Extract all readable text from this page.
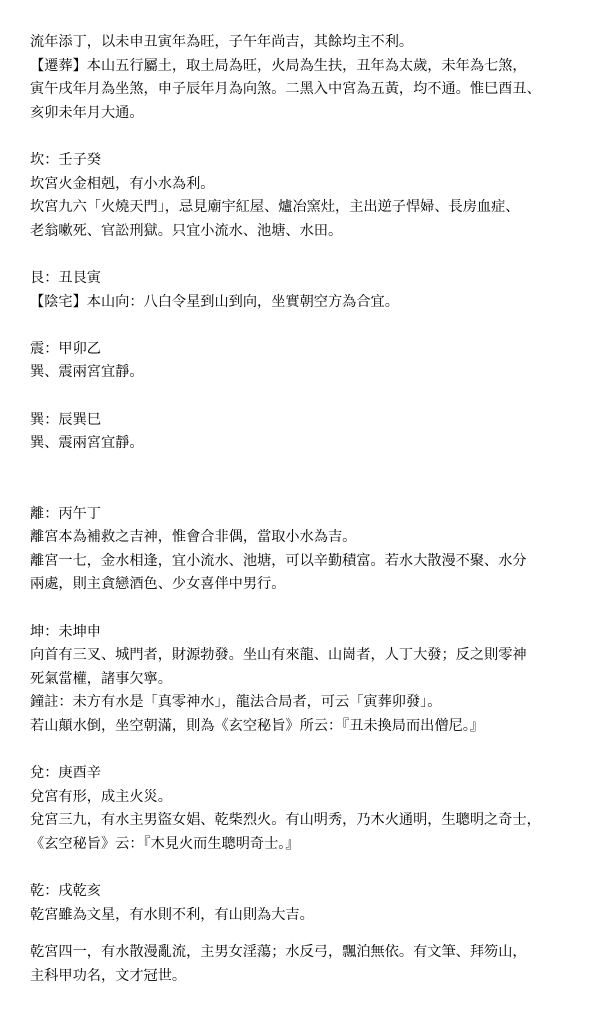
流年添丁，以未申丑寅年為旺，子午年尚吉，其餘均主不利。
【遷葬】本山五行屬土，取土局為旺，火局為生扶，丑年為太歲，未年為七煞，
寅午戌年月為坐煞，申子辰年月為向煞。二黑入中宮為五黃，均不通。惟巳酉丑、
亥卯未年月大通。
坎：壬子癸
坎宮火金相剋，有小水為利。
坎宮九六「火燒天門」，忌見廟宇紅屋、爐冶窯灶，主出逆子悍婦、長房血症、
老翁嗽死、官訟刑獄。只宜小流水、池塘、水田。
艮：丑艮寅
【陰宅】本山向：八白令星到山到向，坐實朝空方為合宜。
震：甲卯乙
巽、震兩宮宜靜。
巽：辰巽巳
巽、震兩宮宜靜。
離：丙午丁
離宮本為補救之吉神，惟會合非偶，當取小水為吉。
離宮一七，金水相逢，宜小流水、池塘，可以辛勤積富。若水大散漫不聚、水分
兩處，則主貪戀酒色、少女喜伴中男行。
坤：未坤申
向首有三叉、城門者，財源勃發。坐山有來龍、山崗者，人丁大發；反之則零神
死氣當權，諸事欠寧。
鐘註：未方有水是「真零神水」，龍法合局者，可云「寅葬卯發」。
若山顛水倒，坐空朝滿，則為《玄空秘旨》所云：『丑未換局而出僧尼。』
兌：庚酉辛
兌宮有形，成主火災。
兌宮三九，有水主男盜女娼、乾柴烈火。有山明秀，乃木火通明，生聰明之奇士，
《玄空秘旨》云：『木見火而生聰明奇士。』
乾：戌乾亥
乾宮雖為文星，有水則不利，有山則為大吉。
乾宮四一，有水散漫亂流，主男女淫蕩；水反弓，飄泊無依。有文筆、拜笏山，
主科甲功名，文才冠世。
